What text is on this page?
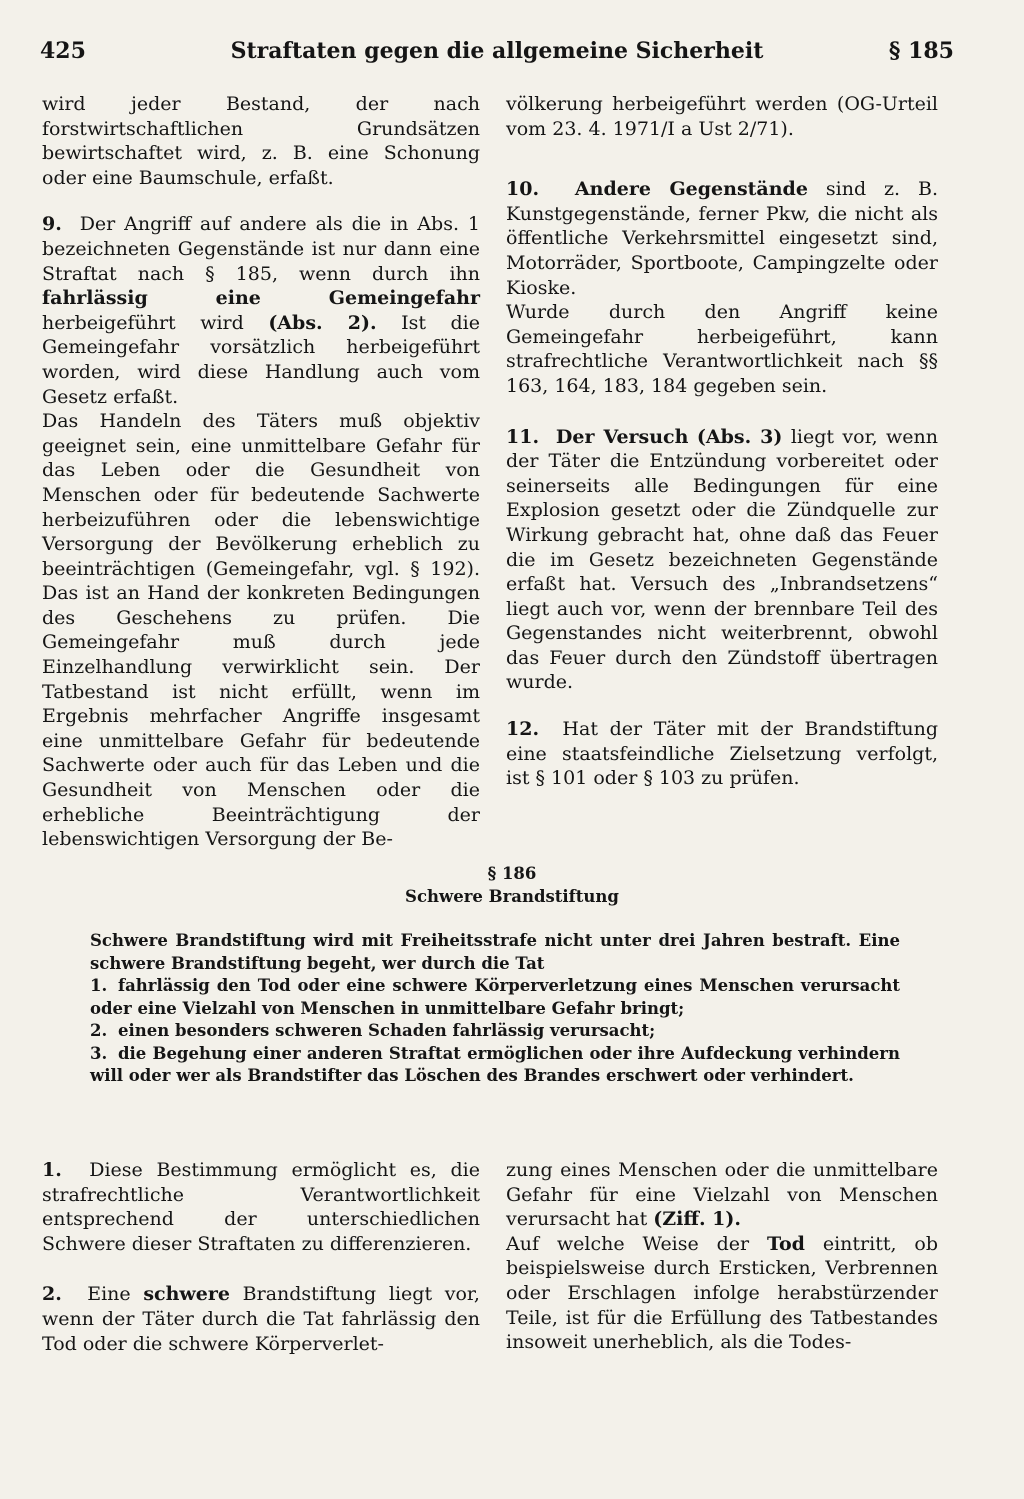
425	Straftaten gegen die allgemeine Sicherheit	§ 185

wird jeder Bestand, der nach forstwirtschaftlichen Grundsätzen bewirtschaftet wird, z. B. eine Schonung oder eine Baumschule, erfaßt.

9. Der Angriff auf andere als die in Abs. 1 bezeichneten Gegenstände ist nur dann eine Straftat nach § 185, wenn durch ihn fahrlässig eine Gemeingefahr herbeigeführt wird (Abs. 2). Ist die Gemeingefahr vorsätzlich herbeigeführt worden, wird diese Handlung auch vom Gesetz erfaßt.

Das Handeln des Täters muß objektiv geeignet sein, eine unmittelbare Gefahr für das Leben oder die Gesundheit von Menschen oder für bedeutende Sachwerte herbeizuführen oder die lebenswichtige Versorgung der Bevölkerung erheblich zu beeinträchtigen (Gemeingefahr, vgl. § 192). Das ist an Hand der konkreten Bedingungen des Geschehens zu prüfen. Die Gemeingefahr muß durch jede Einzelhandlung verwirklicht sein. Der Tatbestand ist nicht erfüllt, wenn im Ergebnis mehrfacher Angriffe insgesamt eine unmittelbare Gefahr für bedeutende Sachwerte oder auch für das Leben und die Gesundheit von Menschen oder die erhebliche Beeinträchtigung der lebenswichtigen Versorgung der Be-

völkerung herbeigeführt werden (OG-Urteil vom 23. 4. 1971/I a Ust 2/71).

10. Andere Gegenstände sind z. B. Kunstgegenstände, ferner Pkw, die nicht als öffentliche Verkehrsmittel eingesetzt sind, Motorräder, Sportboote, Campingzelte oder Kioske.

Wurde durch den Angriff keine Gemeingefahr herbeigeführt, kann strafrechtliche Verantwortlichkeit nach §§ 163, 164, 183, 184 gegeben sein.

11. Der Versuch (Abs. 3) liegt vor, wenn der Täter die Entzündung vorbereitet oder seinerseits alle Bedingungen für eine Explosion gesetzt oder die Zündquelle zur Wirkung gebracht hat, ohne daß das Feuer die im Gesetz bezeichneten Gegenstände erfaßt hat. Versuch des „Inbrandsetzens“ liegt auch vor, wenn der brennbare Teil des Gegenstandes nicht weiterbrennt, obwohl das Feuer durch den Zündstoff übertragen wurde.

12. Hat der Täter mit der Brandstiftung eine staatsfeindliche Zielsetzung verfolgt, ist § 101 oder § 103 zu prüfen.

§ 186
Schwere Brandstiftung

Schwere Brandstiftung wird mit Freiheitsstrafe nicht unter drei Jahren bestraft. Eine schwere Brandstiftung begeht, wer durch die Tat

1. fahrlässig den Tod oder eine schwere Körperverletzung eines Menschen verursacht oder eine Vielzahl von Menschen in unmittelbare Gefahr bringt;

2. einen besonders schweren Schaden fahrlässig verursacht;

3. die Begehung einer anderen Straftat ermöglichen oder ihre Aufdeckung verhindern will oder wer als Brandstifter das Löschen des Brandes erschwert oder verhindert.

1. Diese Bestimmung ermöglicht es, die strafrechtliche Verantwortlichkeit entsprechend der unterschiedlichen Schwere dieser Straftaten zu differenzieren.

2. Eine schwere Brandstiftung liegt vor, wenn der Täter durch die Tat fahrlässig den Tod oder die schwere Körperverlet-

zung eines Menschen oder die unmittelbare Gefahr für eine Vielzahl von Menschen verursacht hat (Ziff. 1).

Auf welche Weise der Tod eintritt, ob beispielsweise durch Ersticken, Verbrennen oder Erschlagen infolge herabstürzender Teile, ist für die Erfüllung des Tatbestandes insoweit unerheblich, als die Todes-
